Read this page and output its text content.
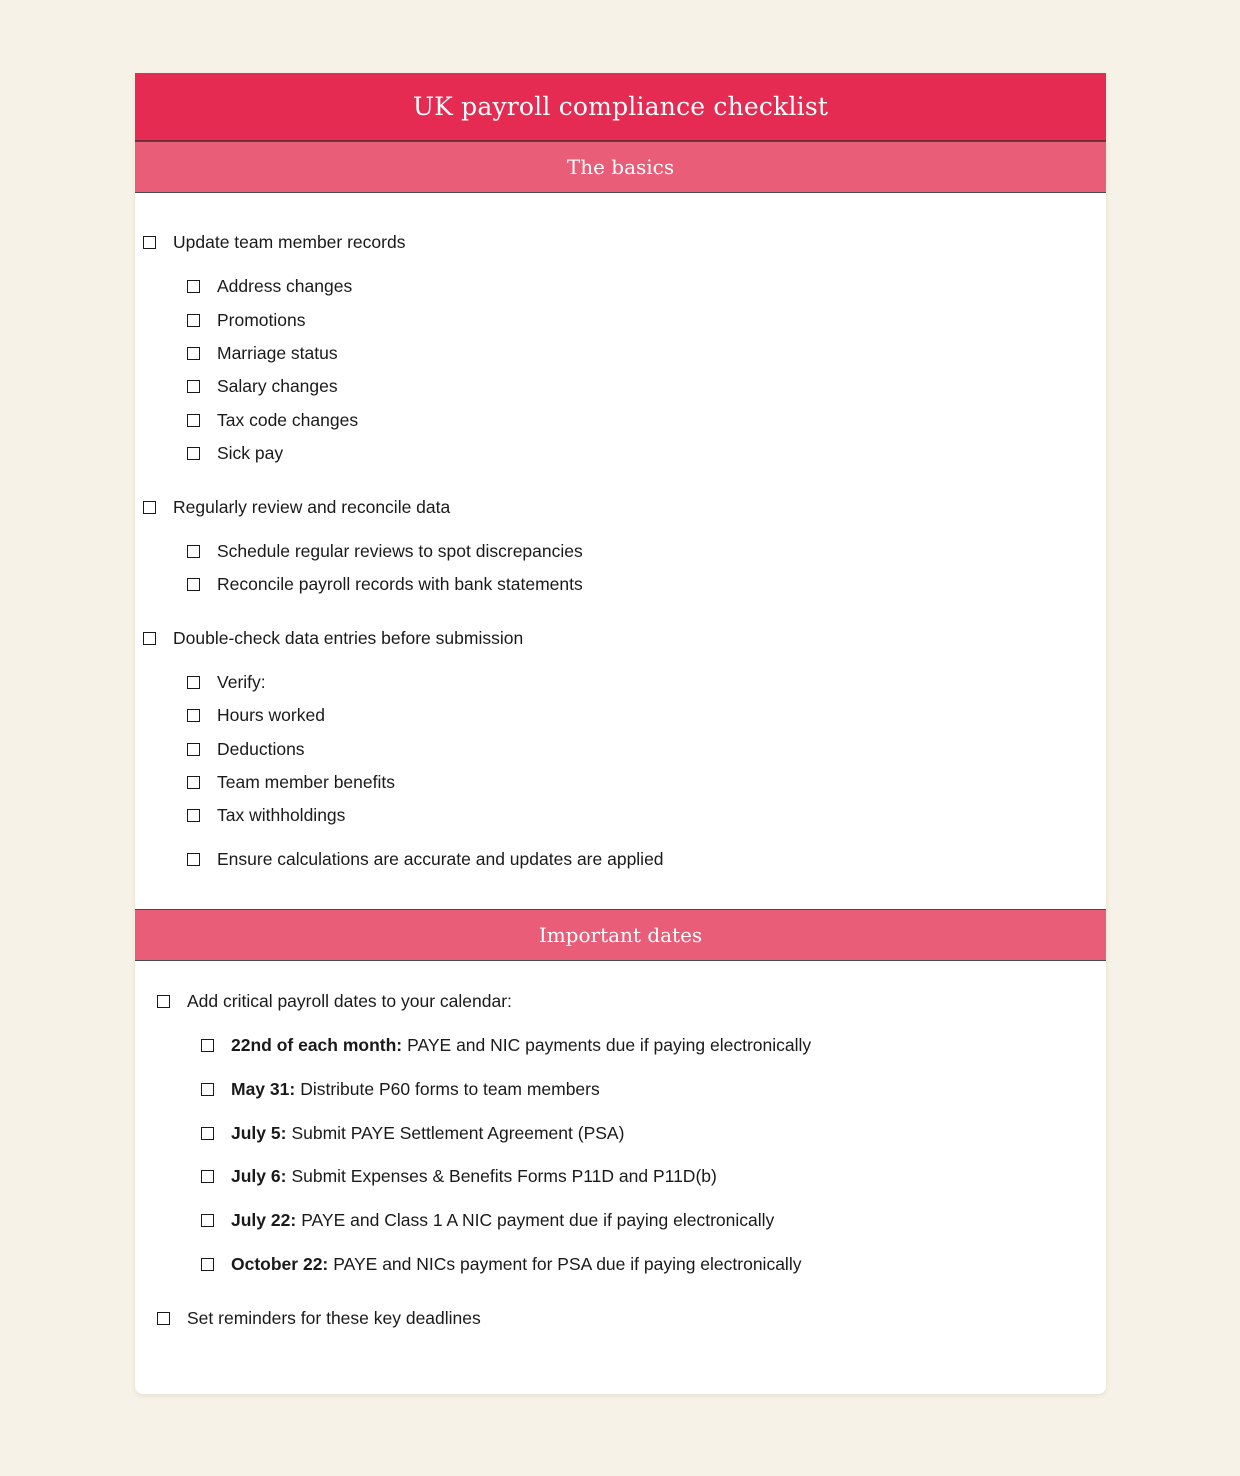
UK payroll compliance checklist
The basics
Update team member records
Address changes
Promotions
Marriage status
Salary changes
Tax code changes
Sick pay
Regularly review and reconcile data
Schedule regular reviews to spot discrepancies
Reconcile payroll records with bank statements
Double-check data entries before submission
Verify:
Hours worked
Deductions
Team member benefits
Tax withholdings
Ensure calculations are accurate and updates are applied
Important dates
Add critical payroll dates to your calendar:
22nd of each month: PAYE and NIC payments due if paying electronically
May 31: Distribute P60 forms to team members
July 5: Submit PAYE Settlement Agreement (PSA)
July 6: Submit Expenses & Benefits Forms P11D and P11D(b)
July 22: PAYE and Class 1 A NIC payment due if paying electronically
October 22: PAYE and NICs payment for PSA due if paying electronically
Set reminders for these key deadlines
